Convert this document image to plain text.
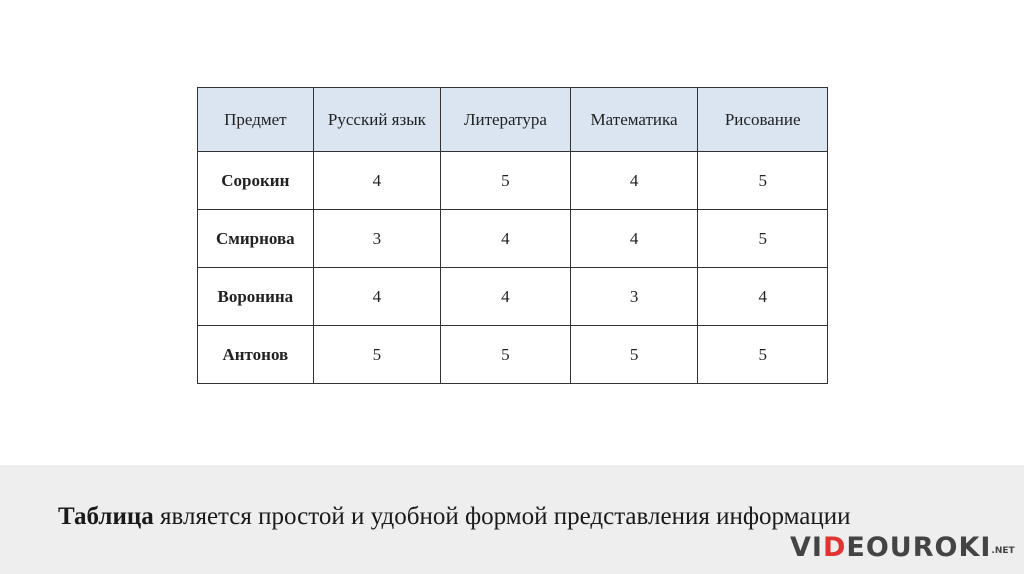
Предмет	Русский язык	Литература	Математика	Рисование
Сорокин	4	5	4	5
Смирнова	3	4	4	5
Воронина	4	4	3	4
Антонов	5	5	5	5
Таблица является простой и удобной формой представления информации
$VIDEOUROKI_{.NET}$
